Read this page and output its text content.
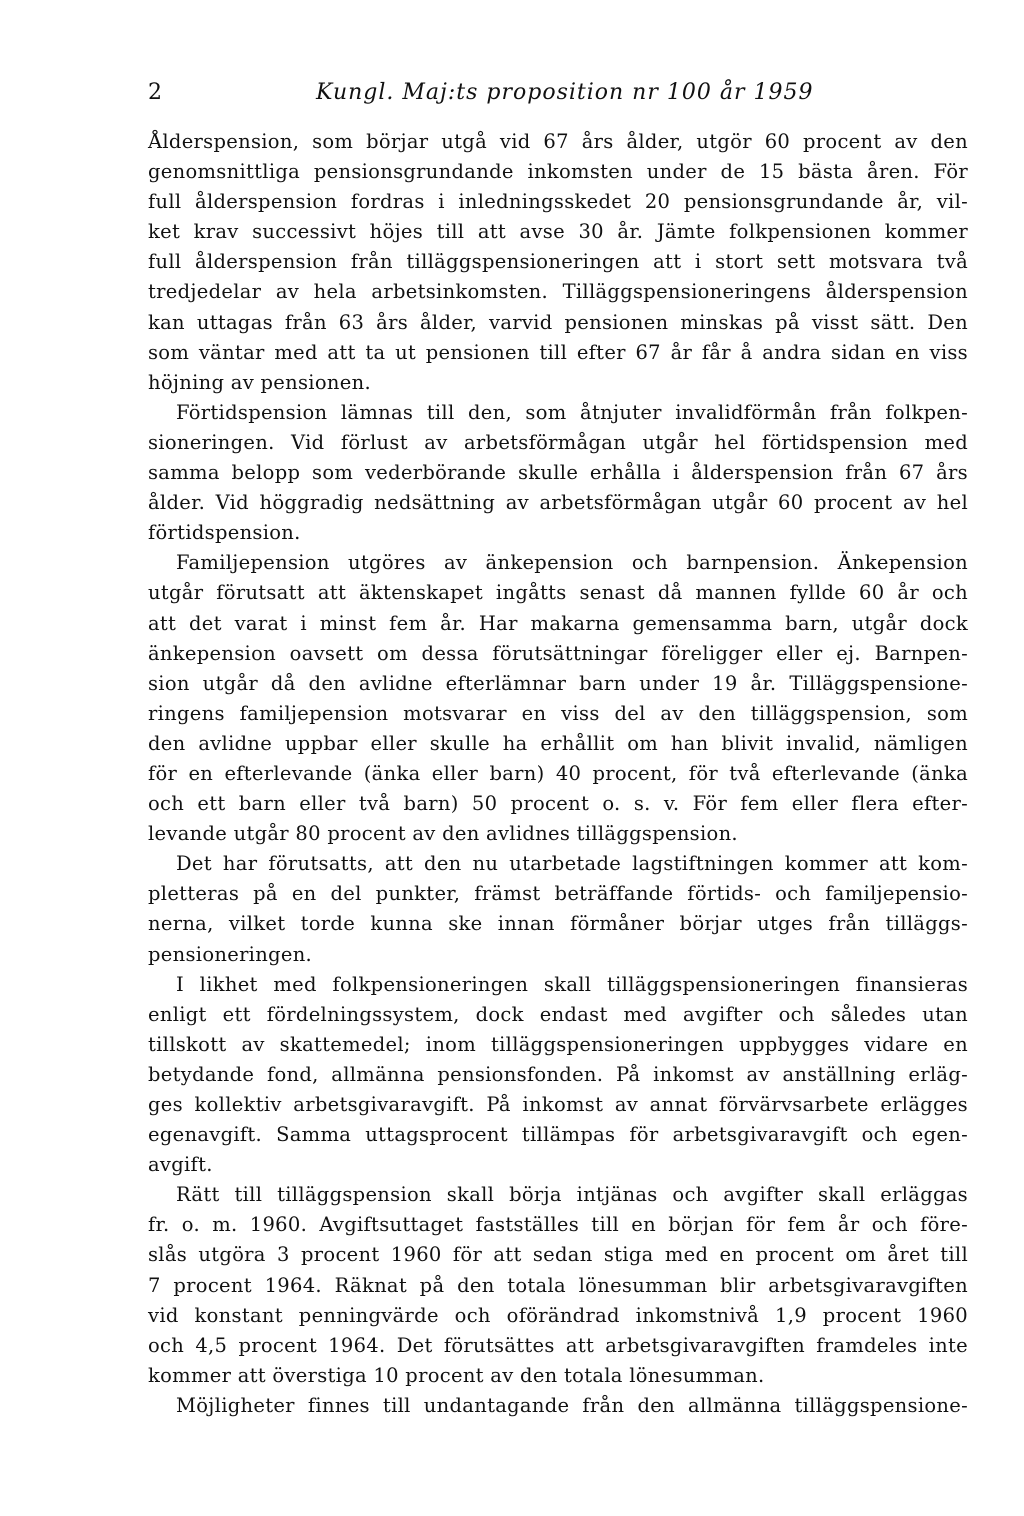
2	Kungl. Maj:ts proposition nr 100 år 1959
Ålderspension, som börjar utgå vid 67 års ålder, utgör 60 procent av den
genomsnittliga pensionsgrundande inkomsten under de 15 bästa åren. För
full ålderspension fordras i inledningsskedet 20 pensionsgrundande år, vil-
ket krav successivt höjes till att avse 30 år. Jämte folkpensionen kommer
full ålderspension från tilläggspensioneringen att i stort sett motsvara två
tredjedelar av hela arbetsinkomsten. Tilläggspensioneringens ålderspension
kan uttagas från 63 års ålder, varvid pensionen minskas på visst sätt. Den
som väntar med att ta ut pensionen till efter 67 år får å andra sidan en viss
höjning av pensionen.
Förtidspension lämnas till den, som åtnjuter invalidförmån från folkpen-
sioneringen. Vid förlust av arbetsförmågan utgår hel förtidspension med
samma belopp som vederbörande skulle erhålla i ålderspension från 67 års
ålder. Vid höggradig nedsättning av arbetsförmågan utgår 60 procent av hel
förtidspension.
Familjepension utgöres av änkepension och barnpension. Änkepension
utgår förutsatt att äktenskapet ingåtts senast då mannen fyllde 60 år och
att det varat i minst fem år. Har makarna gemensamma barn, utgår dock
änkepension oavsett om dessa förutsättningar föreligger eller ej. Barnpen-
sion utgår då den avlidne efterlämnar barn under 19 år. Tilläggspensione-
ringens familjepension motsvarar en viss del av den tilläggspension, som
den avlidne uppbar eller skulle ha erhållit om han blivit invalid, nämligen
för en efterlevande (änka eller barn) 40 procent, för två efterlevande (änka
och ett barn eller två barn) 50 procent o. s. v. För fem eller flera efter-
levande utgår 80 procent av den avlidnes tilläggspension.
Det har förutsatts, att den nu utarbetade lagstiftningen kommer att kom-
pletteras på en del punkter, främst beträffande förtids- och familjepensio-
nerna, vilket torde kunna ske innan förmåner börjar utges från tilläggs-
pensioneringen.
I likhet med folkpensioneringen skall tilläggspensioneringen finansieras
enligt ett fördelningssystem, dock endast med avgifter och således utan
tillskott av skattemedel; inom tilläggspensioneringen uppbygges vidare en
betydande fond, allmänna pensionsfonden. På inkomst av anställning erläg-
ges kollektiv arbetsgivaravgift. På inkomst av annat förvärvsarbete erlägges
egenavgift. Samma uttagsprocent tillämpas för arbetsgivaravgift och egen-
avgift.
Rätt till tilläggspension skall börja intjänas och avgifter skall erläggas
fr. o. m. 1960. Avgiftsuttaget fastställes till en början för fem år och före-
slås utgöra 3 procent 1960 för att sedan stiga med en procent om året till
7 procent 1964. Räknat på den totala lönesumman blir arbetsgivaravgiften
vid konstant penningvärde och oförändrad inkomstnivå 1,9 procent 1960
och 4,5 procent 1964. Det förutsättes att arbetsgivaravgiften framdeles inte
kommer att överstiga 10 procent av den totala lönesumman.
Möjligheter finnes till undantagande från den allmänna tilläggspensione-
